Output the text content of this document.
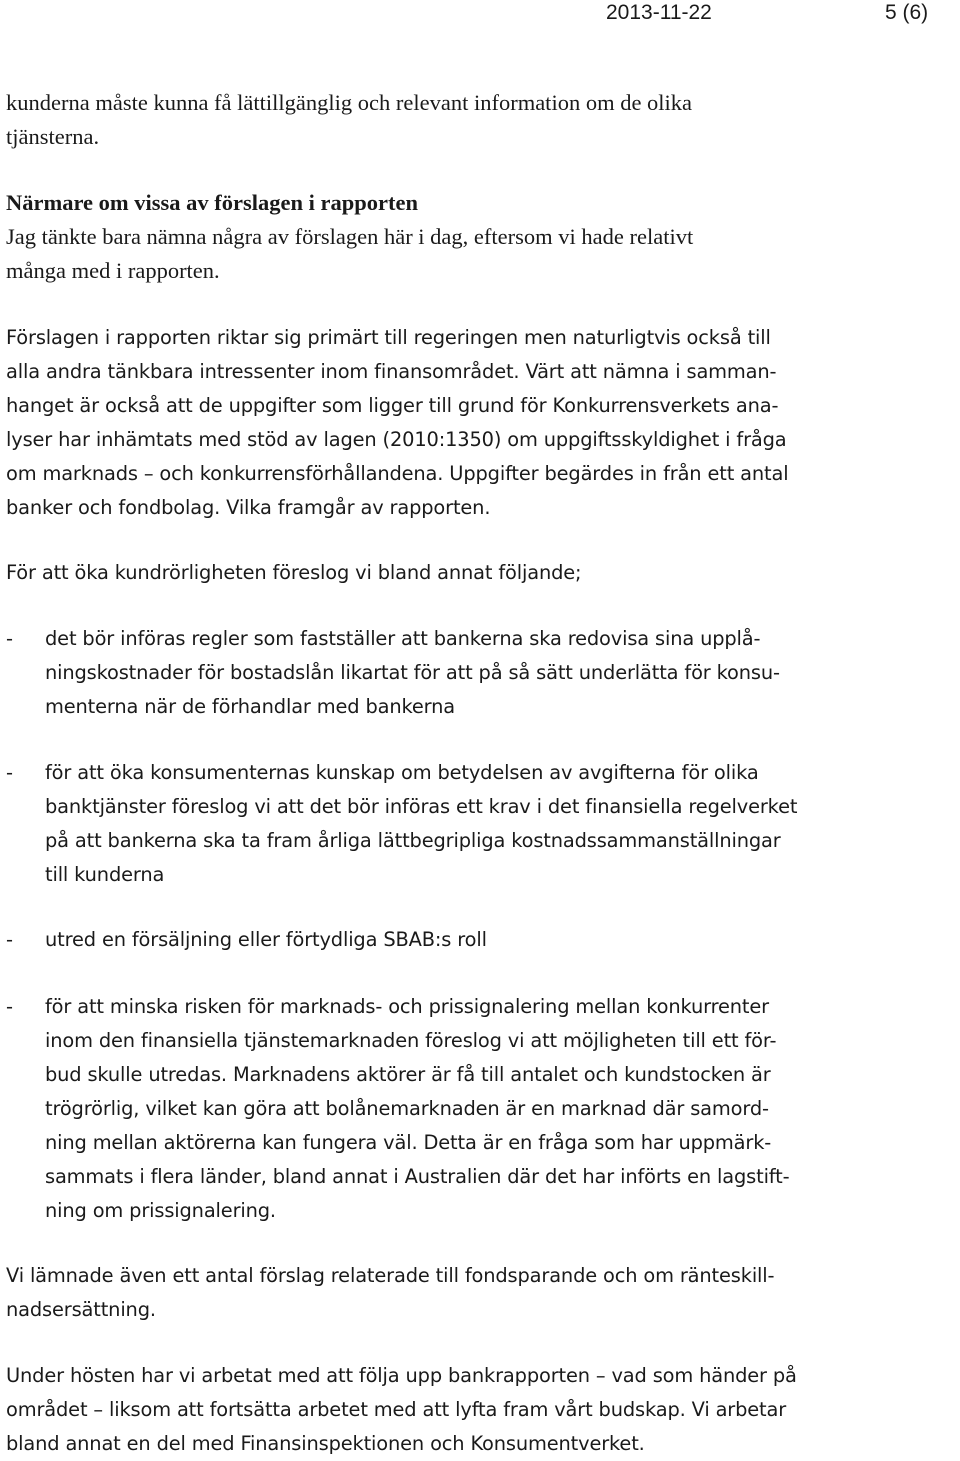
2013-11-22	5 (6)
kunderna måste kunna få lättillgänglig och relevant information om de olika
tjänsterna.
Närmare om vissa av förslagen i rapporten
Jag tänkte bara nämna några av förslagen här i dag, eftersom vi hade relativt
många med i rapporten.
Förslagen i rapporten riktar sig primärt till regeringen men naturligtvis också till
alla andra tänkbara intressenter inom finansområdet. Värt att nämna i samman-
hanget är också att de uppgifter som ligger till grund för Konkurrensverkets ana-
lyser har inhämtats med stöd av lagen (2010:1350) om uppgiftsskyldighet i fråga
om marknads – och konkurrensförhållandena. Uppgifter begärdes in från ett antal
banker och fondbolag. Vilka framgår av rapporten.
För att öka kundrörligheten föreslog vi bland annat följande;
- det bör införas regler som fastställer att bankerna ska redovisa sina upplå-
ningskostnader för bostadslån likartat för att på så sätt underlätta för konsu-
menterna när de förhandlar med bankerna
- för att öka konsumenternas kunskap om betydelsen av avgifterna för olika
banktjänster föreslog vi att det bör införas ett krav i det finansiella regelverket
på att bankerna ska ta fram årliga lättbegripliga kostnadssammanställningar
till kunderna
- utred en försäljning eller förtydliga SBAB:s roll
- för att minska risken för marknads- och prissignalering mellan konkurrenter
inom den finansiella tjänstemarknaden föreslog vi att möjligheten till ett för-
bud skulle utredas. Marknadens aktörer är få till antalet och kundstocken är
trögrörlig, vilket kan göra att bolånemarknaden är en marknad där samord-
ning mellan aktörerna kan fungera väl. Detta är en fråga som har uppmärk-
sammats i flera länder, bland annat i Australien där det har införts en lagstift-
ning om prissignalering.
Vi lämnade även ett antal förslag relaterade till fondsparande och om ränteskill-
nadsersättning.
Under hösten har vi arbetat med att följa upp bankrapporten – vad som händer på
området – liksom att fortsätta arbetet med att lyfta fram vårt budskap. Vi arbetar
bland annat en del med Finansinspektionen och Konsumentverket.
